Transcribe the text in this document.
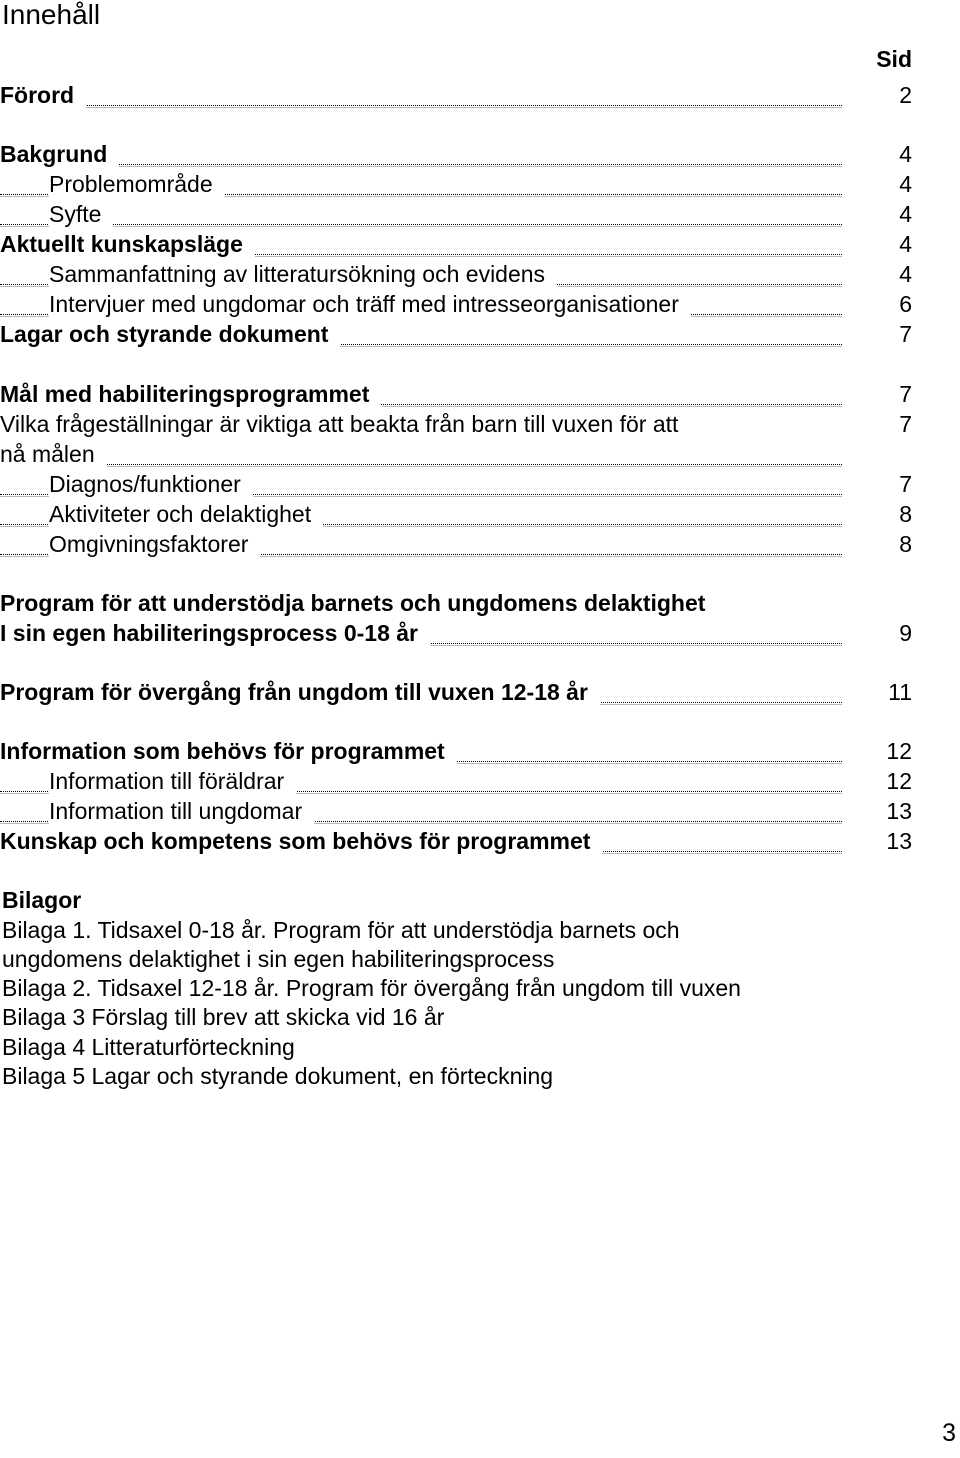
Innehåll
Sid
Förord	2
Bakgrund	4
Problemområde	4
Syfte	4
Aktuellt kunskapsläge	4
Sammanfattning av litteratursökning och evidens	4
Intervjuer med ungdomar och träff med intresseorganisationer	6
Lagar och styrande dokument	7
Mål med habiliteringsprogrammet	7
Vilka frågeställningar är viktiga att beakta från barn till vuxen för att	7
nå målen
Diagnos/funktioner	7
Aktiviteter och delaktighet	8
Omgivningsfaktorer	8
Program för att understödja barnets och ungdomens delaktighet
I sin egen habiliteringsprocess 0-18 år	9
Program för övergång från ungdom till vuxen 12-18 år	11
Information som behövs för programmet	12
Information till föräldrar	12
Information till ungdomar	13
Kunskap och kompetens som behövs för programmet	13
Bilagor
Bilaga 1. Tidsaxel 0-18 år. Program för att understödja barnets och
ungdomens delaktighet i sin egen habiliteringsprocess
Bilaga 2. Tidsaxel 12-18 år. Program för övergång från ungdom till vuxen
Bilaga 3 Förslag till brev att skicka vid 16 år
Bilaga 4 Litteraturförteckning
Bilaga 5 Lagar och styrande dokument, en förteckning
3
